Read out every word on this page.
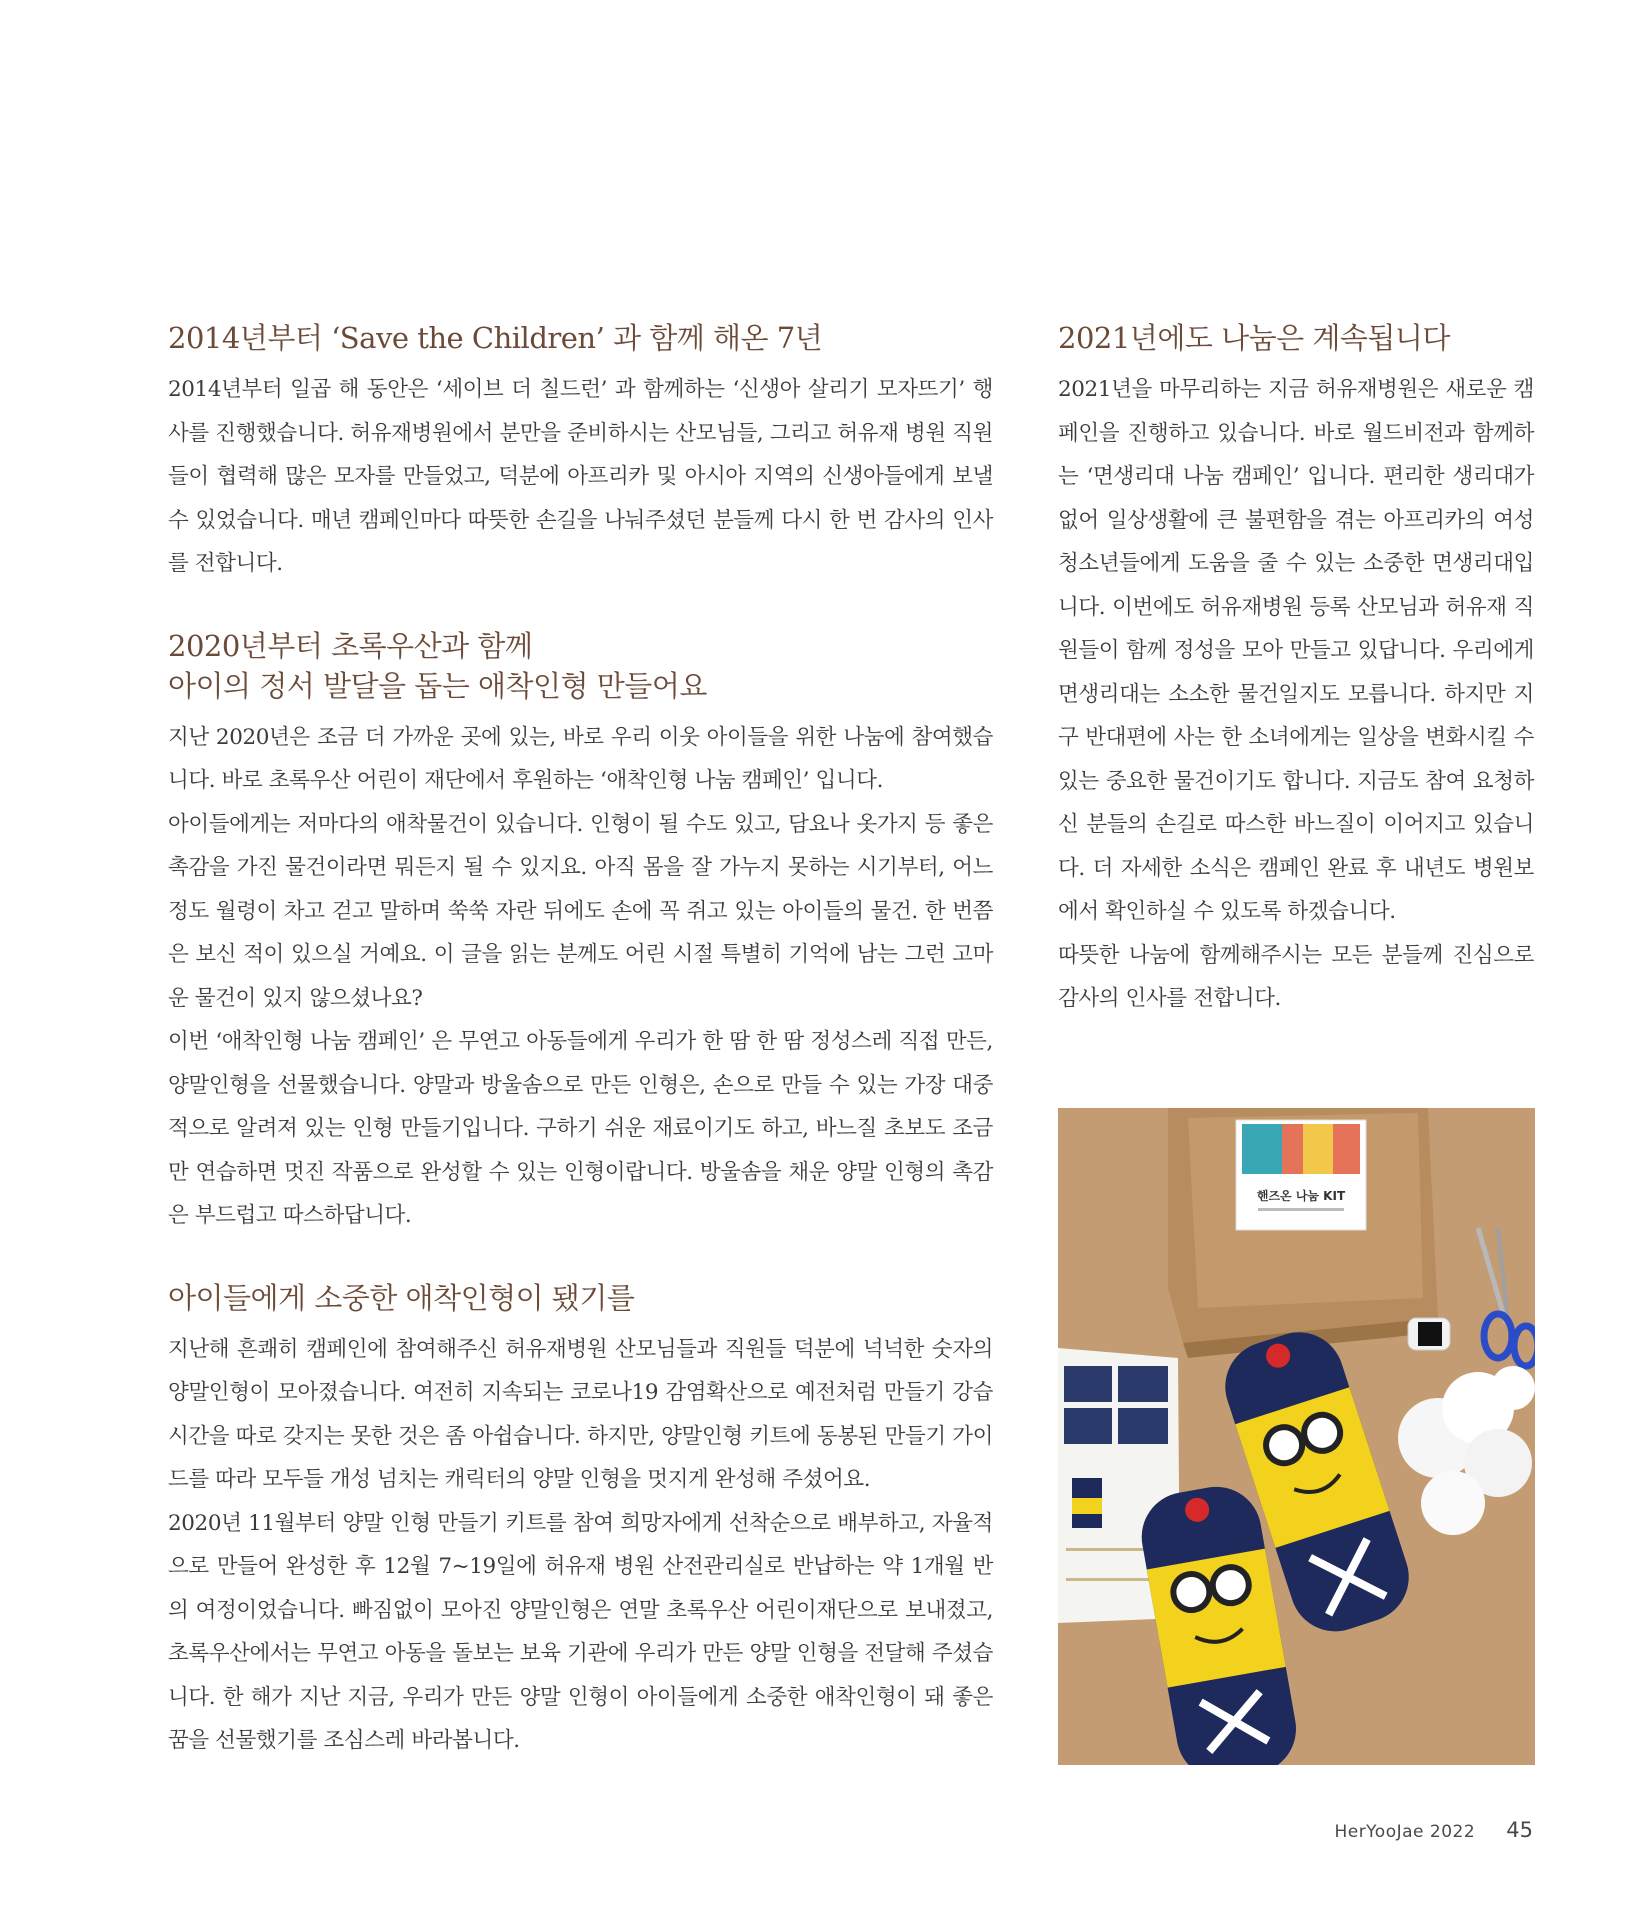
2014년부터 ‘Save the Children’ 과 함께 해온 7년

2014년부터 일곱 해 동안은 ‘세이브 더 칠드런’ 과 함께하는 ‘신생아 살리기 모자뜨기’ 행사를 진행했습니다. 허유재병원에서 분만을 준비하시는 산모님들, 그리고 허유재 병원 직원들이 협력해 많은 모자를 만들었고, 덕분에 아프리카 및 아시아 지역의 신생아들에게 보낼 수 있었습니다. 매년 캠페인마다 따뜻한 손길을 나눠주셨던 분들께 다시 한 번 감사의 인사를 전합니다.

2020년부터 초록우산과 함께
아이의 정서 발달을 돕는 애착인형 만들어요

지난 2020년은 조금 더 가까운 곳에 있는, 바로 우리 이웃 아이들을 위한 나눔에 참여했습니다. 바로 초록우산 어린이 재단에서 후원하는 ‘애착인형 나눔 캠페인’ 입니다.

아이들에게는 저마다의 애착물건이 있습니다. 인형이 될 수도 있고, 담요나 옷가지 등 좋은 촉감을 가진 물건이라면 뭐든지 될 수 있지요. 아직 몸을 잘 가누지 못하는 시기부터, 어느 정도 월령이 차고 걷고 말하며 쑥쑥 자란 뒤에도 손에 꼭 쥐고 있는 아이들의 물건. 한 번쯤은 보신 적이 있으실 거예요. 이 글을 읽는 분께도 어린 시절 특별히 기억에 남는 그런 고마운 물건이 있지 않으셨나요?

이번 ‘애착인형 나눔 캠페인’ 은 무연고 아동들에게 우리가 한 땀 한 땀 정성스레 직접 만든, 양말인형을 선물했습니다. 양말과 방울솜으로 만든 인형은, 손으로 만들 수 있는 가장 대중적으로 알려져 있는 인형 만들기입니다. 구하기 쉬운 재료이기도 하고, 바느질 초보도 조금만 연습하면 멋진 작품으로 완성할 수 있는 인형이랍니다. 방울솜을 채운 양말 인형의 촉감은 부드럽고 따스하답니다.

아이들에게 소중한 애착인형이 됐기를

지난해 흔쾌히 캠페인에 참여해주신 허유재병원 산모님들과 직원들 덕분에 넉넉한 숫자의 양말인형이 모아졌습니다. 여전히 지속되는 코로나19 감염확산으로 예전처럼 만들기 강습 시간을 따로 갖지는 못한 것은 좀 아쉽습니다. 하지만, 양말인형 키트에 동봉된 만들기 가이드를 따라 모두들 개성 넘치는 캐릭터의 양말 인형을 멋지게 완성해 주셨어요.

2020년 11월부터 양말 인형 만들기 키트를 참여 희망자에게 선착순으로 배부하고, 자율적으로 만들어 완성한 후 12월 7~19일에 허유재 병원 산전관리실로 반납하는 약 1개월 반의 여정이었습니다. 빠짐없이 모아진 양말인형은 연말 초록우산 어린이재단으로 보내졌고, 초록우산에서는 무연고 아동을 돌보는 보육 기관에 우리가 만든 양말 인형을 전달해 주셨습니다. 한 해가 지난 지금, 우리가 만든 양말 인형이 아이들에게 소중한 애착인형이 돼 좋은 꿈을 선물했기를 조심스레 바라봅니다.

2021년에도 나눔은 계속됩니다

2021년을 마무리하는 지금 허유재병원은 새로운 캠페인을 진행하고 있습니다. 바로 월드비전과 함께하는 ‘면생리대 나눔 캠페인’ 입니다. 편리한 생리대가 없어 일상생활에 큰 불편함을 겪는 아프리카의 여성 청소년들에게 도움을 줄 수 있는 소중한 면생리대입니다. 이번에도 허유재병원 등록 산모님과 허유재 직원들이 함께 정성을 모아 만들고 있답니다. 우리에게 면생리대는 소소한 물건일지도 모릅니다. 하지만 지구 반대편에 사는 한 소녀에게는 일상을 변화시킬 수 있는 중요한 물건이기도 합니다. 지금도 참여 요청하신 분들의 손길로 따스한 바느질이 이어지고 있습니다. 더 자세한 소식은 캠페인 완료 후 내년도 병원보에서 확인하실 수 있도록 하겠습니다.

따뜻한 나눔에 함께해주시는 모든 분들께 진심으로 감사의 인사를 전합니다.

핸즈온 나눔 KIT
HerYooJae 2022 45
